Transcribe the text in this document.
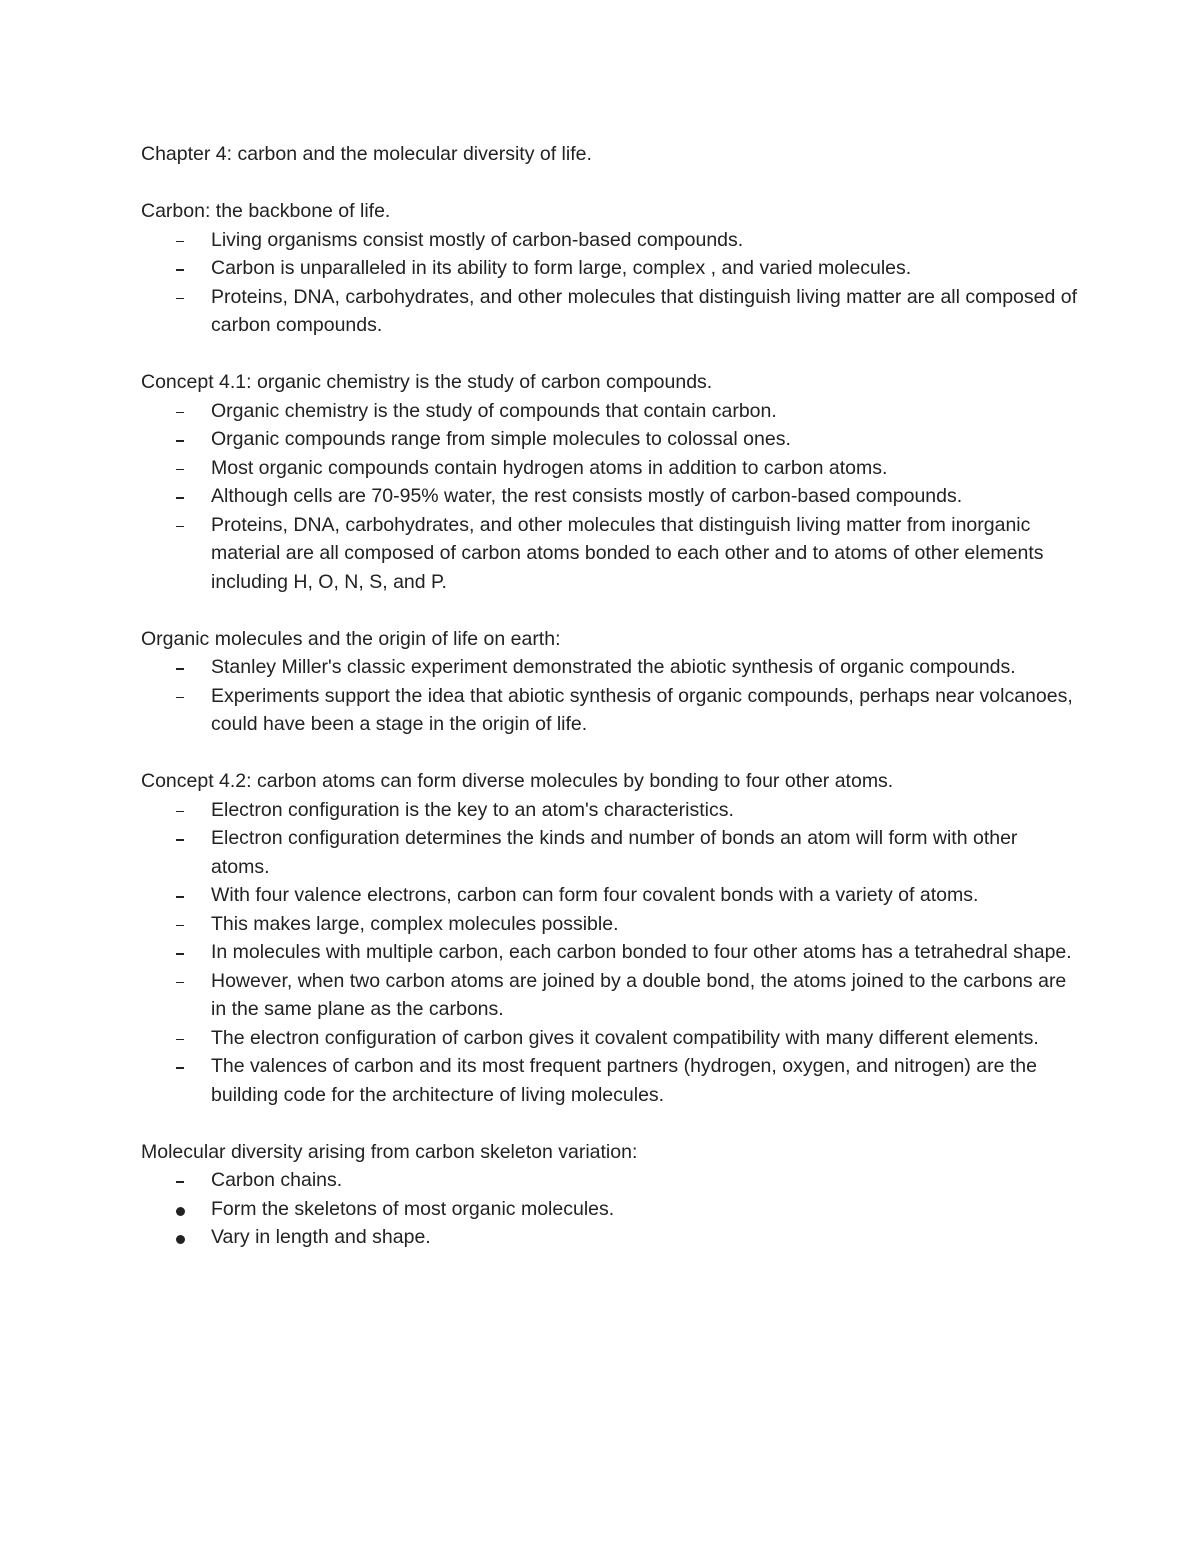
Chapter 4: carbon and the molecular diversity of life.

Carbon: the backbone of life.

Living organisms consist mostly of carbon-based compounds.
Carbon is unparalleled in its ability to form large, complex , and varied molecules.
Proteins, DNA, carbohydrates, and other molecules that distinguish living matter are all composed of carbon compounds.

Concept 4.1: organic chemistry is the study of carbon compounds.

Organic chemistry is the study of compounds that contain carbon.
Organic compounds range from simple molecules to colossal ones.
Most organic compounds contain hydrogen atoms in addition to carbon atoms.
Although cells are 70-95% water, the rest consists mostly of carbon-based compounds.
Proteins, DNA, carbohydrates, and other molecules that distinguish living matter from inorganic material are all composed of carbon atoms bonded to each other and to atoms of other elements including H, O, N, S, and P.

Organic molecules and the origin of life on earth:

Stanley Miller's classic experiment demonstrated the abiotic synthesis of organic compounds.
Experiments support the idea that abiotic synthesis of organic compounds, perhaps near volcanoes, could have been a stage in the origin of life.

Concept 4.2: carbon atoms can form diverse molecules by bonding to four other atoms.

Electron configuration is the key to an atom's characteristics.
Electron configuration determines the kinds and number of bonds an atom will form with other atoms.
With four valence electrons, carbon can form four covalent bonds with a variety of atoms.
This makes large, complex molecules possible.
In molecules with multiple carbon, each carbon bonded to four other atoms has a tetrahedral shape.
However, when two carbon atoms are joined by a double bond, the atoms joined to the carbons are in the same plane as the carbons.
The electron configuration of carbon gives it covalent compatibility with many different elements.
The valences of carbon and its most frequent partners (hydrogen, oxygen, and nitrogen) are the building code for the architecture of living molecules.

Molecular diversity arising from carbon skeleton variation:

Carbon chains.
Form the skeletons of most organic molecules.
Vary in length and shape.
